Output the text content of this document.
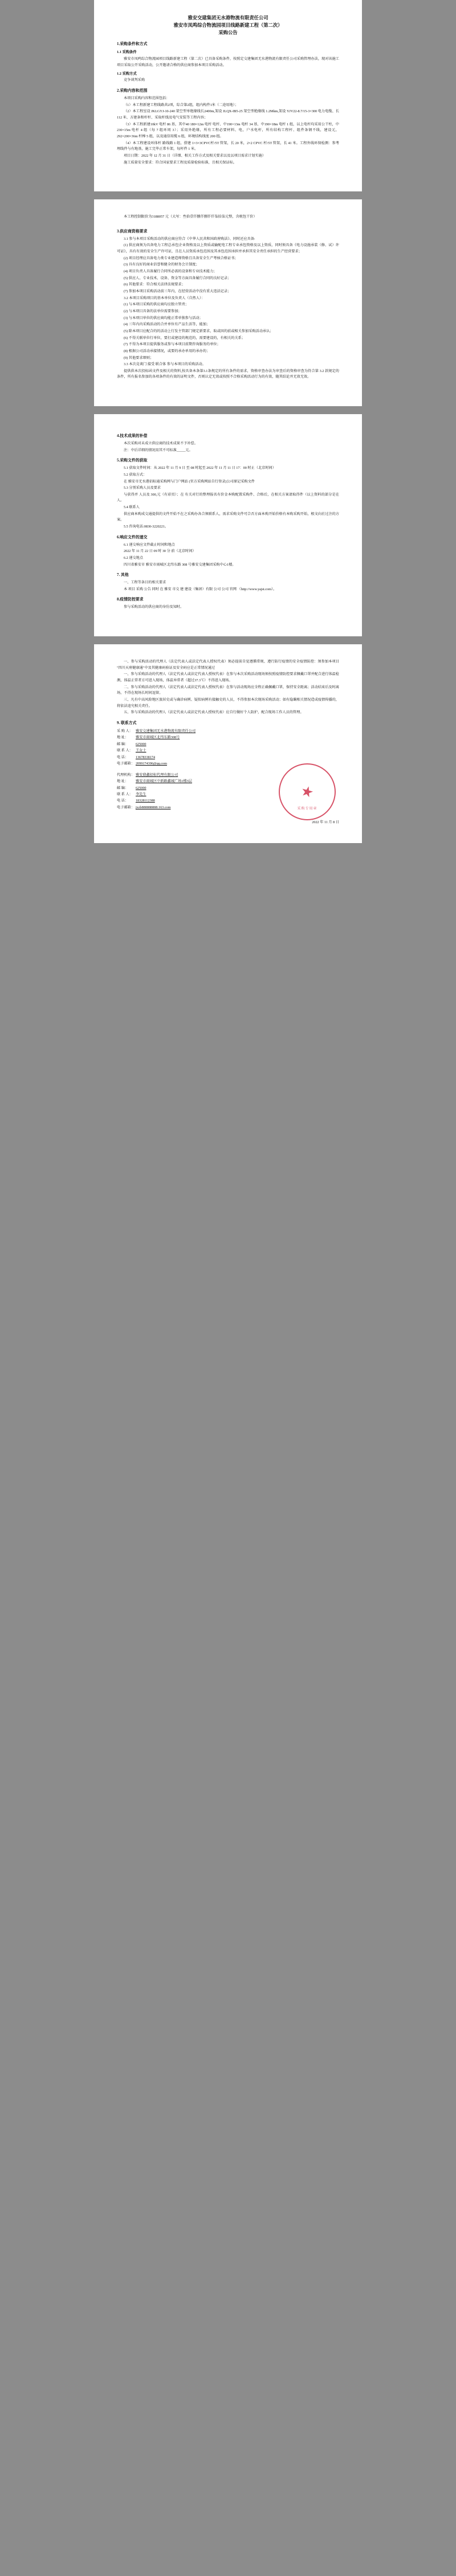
雅安交建集团无水港物流有限责任公司
雅安市凤鸣综合物流园项目线路新建工程（第二次）
采购公告
1.采购条件和方式
1.1 采购条件

雅安市凤鸣综合物流园项目线路新建工程（第二次）已具备采购条件，按照定交建集团无水港物流有限责任公司采购管理办法，现对该施工项目采取公开采购活动，公开邀请合格的供应商参加本项目采购活动。

1.2 采购方式

竞争谈判采购

2.采购内容和范围

本项目采购内容和范围包括：

（1）本工程新建工程线路共2项，综合第2组，组内构件1米（二途用地）；

（2）本工程室设 JKLGYJ-10-240 架空型单绝缘线长2400m,架设 JLQX-IB5-25 架空型绝缘线 1.2Mkm,架设 YJV22-8.7/15-3×300 电力电缆、长 112 米、方建条和杆杆、采取杆线及电气安装等工程内容；

（3）本工程新建10kV 电杆 86 基，其中40 180×12m 电杆 电杆、中190×13m 电杆 34 基、中190×18m 电杆 1 组，以上电杆均采用公干柱，中230×15m 电杆 4 组（每 7 组环周 3）；采用外绝缘，所有工程必要材料、电，户水电杆，所有结构工程杆、组件条钢不线，建设元，292×200×36m 杆棒 5 组，以及通信用缆 6 组，环境结构线度 200 组。

（4）本工程建设环体杆 路线路 1 组，搭建 1×3×3CPVC杆/5T 管架，长 20 米，2×2 CPVC 杆/5T 管架，长 41 米。工程外线环保检测：参考埋线件与有地基，施工完毕正常车架，每杆件 1 米。

项目日期：2022 年 12 月 31 日（详细、相关工作方式及相关要求以及以项目需求计划实施）

施工质量安全要求：符合国家要求工程及质量检验标准，且相关保证标。

本工程控制限价为3188057 元（大写：叁拾壹仟捌仟捌仟仟柒拾柒元整，含税包干价）

3.供应商资格要求

3.1 参与本项目采购活动的供应商应符合《中华人民共和国政府购法》、同时还应具备:

(1) 供应商须为具备电力工程总承包企业资格及以上资质或输配电工程专业承包资格及以上资质，同时须具备《电力设施承装（修、试）许可证》，具有有效的安全生产许可证，且在人员资质承包范围及其承包范围承担并承担其安全责任承担的生产经营要求；

(2) 项目经理应具备电力类专业建造师资格且具备安全生产考核合格证书；

(3) 具有良好的商业信誉和健全的财务会计制度；

(4) 项目负责人具备履行合同所必需的设备和专业技术能力；

(5) 供应人、专业技术、设备、资金等方面具备履行合同的良好记录；

(6) 其他要求：符合相关法律法规要求；

(7) 参加本项目采购活动前三年内，在经营活动中没有重大违法记录；

3.2 本项目采购项目的基本单位及负责人（自然人）：

(1) 与本项目采购的供应商均应独立管责；

(2) 与本项目具备的法单位需要参加；

(3) 与本项目单位的供应商均能正常单独参与活动；

(4) 三年内内采购活动的合并单位有产品生活等，能加；

(5) 除本项目应配合的的活动上行发主管部门规定新要求，取或因的前或相关参加采购活动承认；

(6) 不得关联单位行单位，要打或建设的规范的，需要建设的，有相关的关系；

(7) 不得为本项目提供服务或参与本项目前期咨询服务的单位；

(8) 根据公司活动承接情况，或要的承办单用的承办的；

(9) 其他要求细则；

3.3 本次竞谈门 接受 联合体 参与本项目的采购活动。

提供供本次投标函文件及相关的资料,按具备本条第3.1条规定的所有条件的需求，资格审查办法为审查后的资格审查为符合第 3.2 款规定的条件，所有报名参加的各项条件的有效的证明文件，否则认定无效或按照不合格采购活动行为的有效，随其结论并无效无效。

4.技术成果的补偿

本次采购对未成立供应商的技术成果不予补偿。

注：中后详细的情况用其不可标准_____元。

5.采购文件的获取

5.1 获取文件时间：从 2022 年 11 月 9 日 至 08 时起至 2022 年 11 月 11 日 17：00 时止（北京时间）

5.2 获取方式：

在 雅安市无水港招标通采购网与门户网站 (官方采购网站自行登录)公司原记采购文件

5.3 分别采购人员及要求

与获得并 人员及 300,元（有彩页）；在 有关对行的整理报名有价金本购配置采购件、合格后，在相关方案请取得件（以上资料的部分是在人。

5.4 联系人

供应商本购成交通提供的文件开始不在之采购办各合须联系人，需求采购文件可合否方面本购开始价格有本购采购开始，根文向社过注的方案。

5.5 咨询电话:0830-3220221。

6.响应文件的递交

6.1 递交响应文件截止时间和地点

2022 年 11 月 22 日 09 时 30 分 前（北京时间）

6.2 递交地点

四川省雅安市 雅安市雨城区北纬东路 308 号雅安交建集团采购中心1楼。

7. 其他

一、工程等条目的相关要求

本 项目 采购 公告 同时 在 雅安 市交 建 建设（集团）有限 公司 公司 官网 （http://www.yajst.com）。

8.疫情防控要求

参与采购活动的供应商的身份及知时。

一、参与采购活动的代理人（法定代表人或法定代表人授权代表）须必提前自觉遵循常规、遵行防行疫情的安全疫情防控：须参加本项目 "四川天府健康通"中及其健康码验证及安全码应是正常情况通过

一、参与采购活动的代理人（法定代表人或法定代表人授权代表）在参与本次采购活动现场须按照疫情防控要求佩戴口罩并配合进行体温检测，体温正常者方可进入现场，体温异常者（超过37.3℃）不得进入现场。

二、参与采购活动的代理人（法定代表人或法定代表人授权代表）在参与活动现场应全程正确佩戴口罩，保持安全距离；活动结束后及时离场，不得在现场长时间逗留。

三、凡有中高风险地区旅居史或与确诊病例、疑似病例有接触史的人员，不得参加本次现场采购活动；如有隐瞒相关情况造成疫情传播的，将依法追究相关责任。

五、参与采购活动的代理人（法定代表人或法定代表人授权代表）应自行做好个人防护，配合现场工作人员的管理。

9. 联系方式
采 购 人：	雅安交建集团无水港物流有限责任公司
地 址：	雅安市雨城区北纬东路308号
邮 编：	625000
联 系 人：	王女士
电 话：	13678338174
电子邮箱：	2099174396@qq.com
代理机构：	雅安鼎鑫招标代理有限公司
地 址：	雅安市雨城区中新路鑫城广场1楼3层
邮 编：	625000
联 系 人：	李先生
电 话：	18328112388
电子邮箱：	jxzb888888888.163.com
2022 年 11 月 8 日
采购专用章
